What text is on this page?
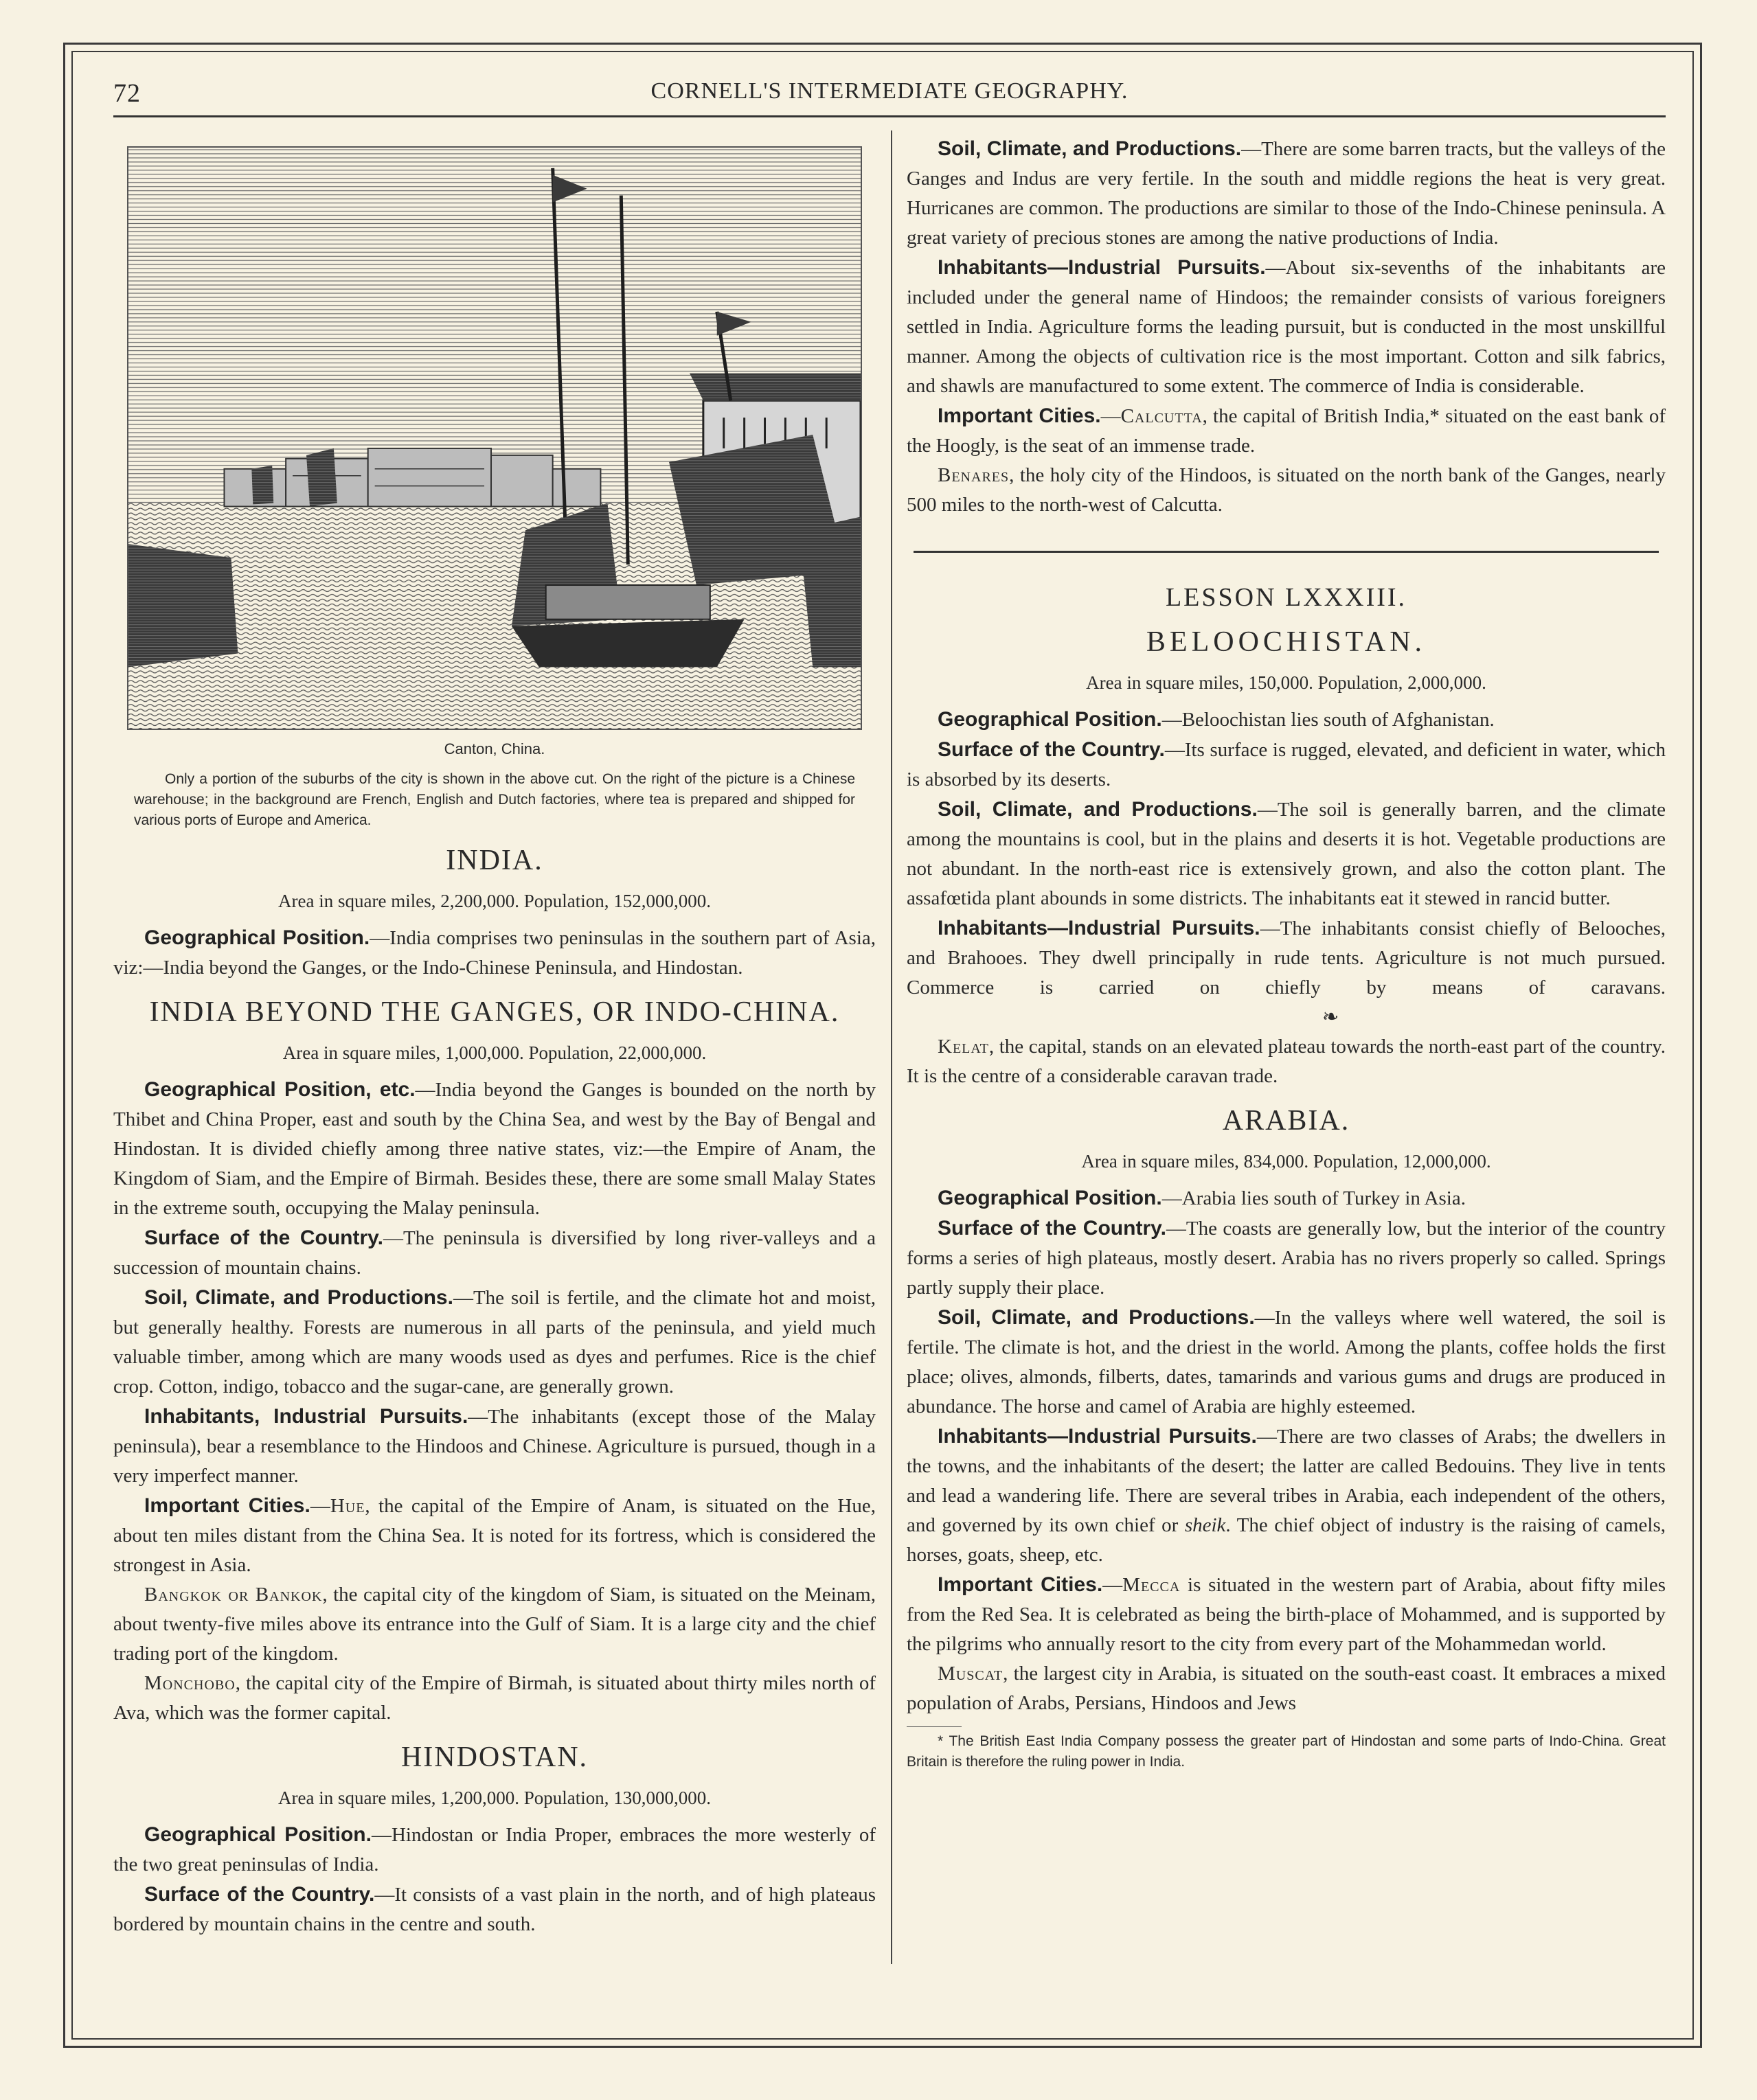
72	CORNELL'S INTERMEDIATE GEOGRAPHY.

Canton, China.

Only a portion of the suburbs of the city is shown in the above cut. On the right of the picture is a Chinese warehouse; in the background are French, English and Dutch factories, where tea is prepared and shipped for various ports of Europe and America.

INDIA.

Area in square miles, 2,200,000. Population, 152,000,000.

Geographical Position.—India comprises two peninsulas in the southern part of Asia, viz:—India beyond the Ganges, or the Indo-Chinese Peninsula, and Hindostan.

INDIA BEYOND THE GANGES, OR INDO-CHINA.

Area in square miles, 1,000,000. Population, 22,000,000.

Geographical Position, etc.—India beyond the Ganges is bounded on the north by Thibet and China Proper, east and south by the China Sea, and west by the Bay of Bengal and Hindostan. It is divided chiefly among three native states, viz:—the Empire of Anam, the Kingdom of Siam, and the Empire of Birmah. Besides these, there are some small Malay States in the extreme south, occupying the Malay peninsula.

Surface of the Country.—The peninsula is diversified by long river-valleys and a succession of mountain chains.

Soil, Climate, and Productions.—The soil is fertile, and the climate hot and moist, but generally healthy. Forests are numerous in all parts of the peninsula, and yield much valuable timber, among which are many woods used as dyes and perfumes. Rice is the chief crop. Cotton, indigo, tobacco and the sugar-cane, are generally grown.

Inhabitants, Industrial Pursuits.—The inhabitants (except those of the Malay peninsula), bear a resemblance to the Hindoos and Chinese. Agriculture is pursued, though in a very imperfect manner.

Important Cities.—Hue, the capital of the Empire of Anam, is situated on the Hue, about ten miles distant from the China Sea. It is noted for its fortress, which is considered the strongest in Asia.

Bangkok or Bankok, the capital city of the kingdom of Siam, is situated on the Meinam, about twenty-five miles above its entrance into the Gulf of Siam. It is a large city and the chief trading port of the kingdom.

Monchobo, the capital city of the Empire of Birmah, is situated about thirty miles north of Ava, which was the former capital.

HINDOSTAN.

Area in square miles, 1,200,000. Population, 130,000,000.

Geographical Position.—Hindostan or India Proper, embraces the more westerly of the two great peninsulas of India.

Surface of the Country.—It consists of a vast plain in the north, and of high plateaus bordered by mountain chains in the centre and south.

Soil, Climate, and Productions.—There are some barren tracts, but the valleys of the Ganges and Indus are very fertile. In the south and middle regions the heat is very great. Hurricanes are common. The productions are similar to those of the Indo-Chinese peninsula. A great variety of precious stones are among the native productions of India.

Inhabitants—Industrial Pursuits.—About six-sevenths of the inhabitants are included under the general name of Hindoos; the remainder consists of various foreigners settled in India. Agriculture forms the leading pursuit, but is conducted in the most unskillful manner. Among the objects of cultivation rice is the most important. Cotton and silk fabrics, and shawls are manufactured to some extent. The commerce of India is considerable.

Important Cities.—Calcutta, the capital of British India,* situated on the east bank of the Hoogly, is the seat of an immense trade.

Benares, the holy city of the Hindoos, is situated on the north bank of the Ganges, nearly 500 miles to the north-west of Calcutta.

LESSON LXXXIII.
BELOOCHISTAN.

Area in square miles, 150,000. Population, 2,000,000.

Geographical Position.—Beloochistan lies south of Afghanistan.

Surface of the Country.—Its surface is rugged, elevated, and deficient in water, which is absorbed by its deserts.

Soil, Climate, and Productions.—The soil is generally barren, and the climate among the mountains is cool, but in the plains and deserts it is hot. Vegetable productions are not abundant. In the north-east rice is extensively grown, and also the cotton plant. The assafœtida plant abounds in some districts. The inhabitants eat it stewed in rancid butter.

Inhabitants—Industrial Pursuits.—The inhabitants consist chiefly of Belooches, and Brahooes. They dwell principally in rude tents. Agriculture is not much pursued. Commerce is carried on chiefly by means of caravans.❧

Kelat, the capital, stands on an elevated plateau towards the north-east part of the country. It is the centre of a considerable caravan trade.

ARABIA.

Area in square miles, 834,000. Population, 12,000,000.

Geographical Position.—Arabia lies south of Turkey in Asia.

Surface of the Country.—The coasts are generally low, but the interior of the country forms a series of high plateaus, mostly desert. Arabia has no rivers properly so called. Springs partly supply their place.

Soil, Climate, and Productions.—In the valleys where well watered, the soil is fertile. The climate is hot, and the driest in the world. Among the plants, coffee holds the first place; olives, almonds, filberts, dates, tamarinds and various gums and drugs are produced in abundance. The horse and camel of Arabia are highly esteemed.

Inhabitants—Industrial Pursuits.—There are two classes of Arabs; the dwellers in the towns, and the inhabitants of the desert; the latter are called Bedouins. They live in tents and lead a wandering life. There are several tribes in Arabia, each independent of the others, and governed by its own chief or sheik. The chief object of industry is the raising of camels, horses, goats, sheep, etc.

Important Cities.—Mecca is situated in the western part of Arabia, about fifty miles from the Red Sea. It is celebrated as being the birth-place of Mohammed, and is supported by the pilgrims who annually resort to the city from every part of the Mohammedan world.

Muscat, the largest city in Arabia, is situated on the south-east coast. It embraces a mixed population of Arabs, Persians, Hindoos and Jews

* The British East India Company possess the greater part of Hindostan and some parts of Indo-China. Great Britain is therefore the ruling power in India.
